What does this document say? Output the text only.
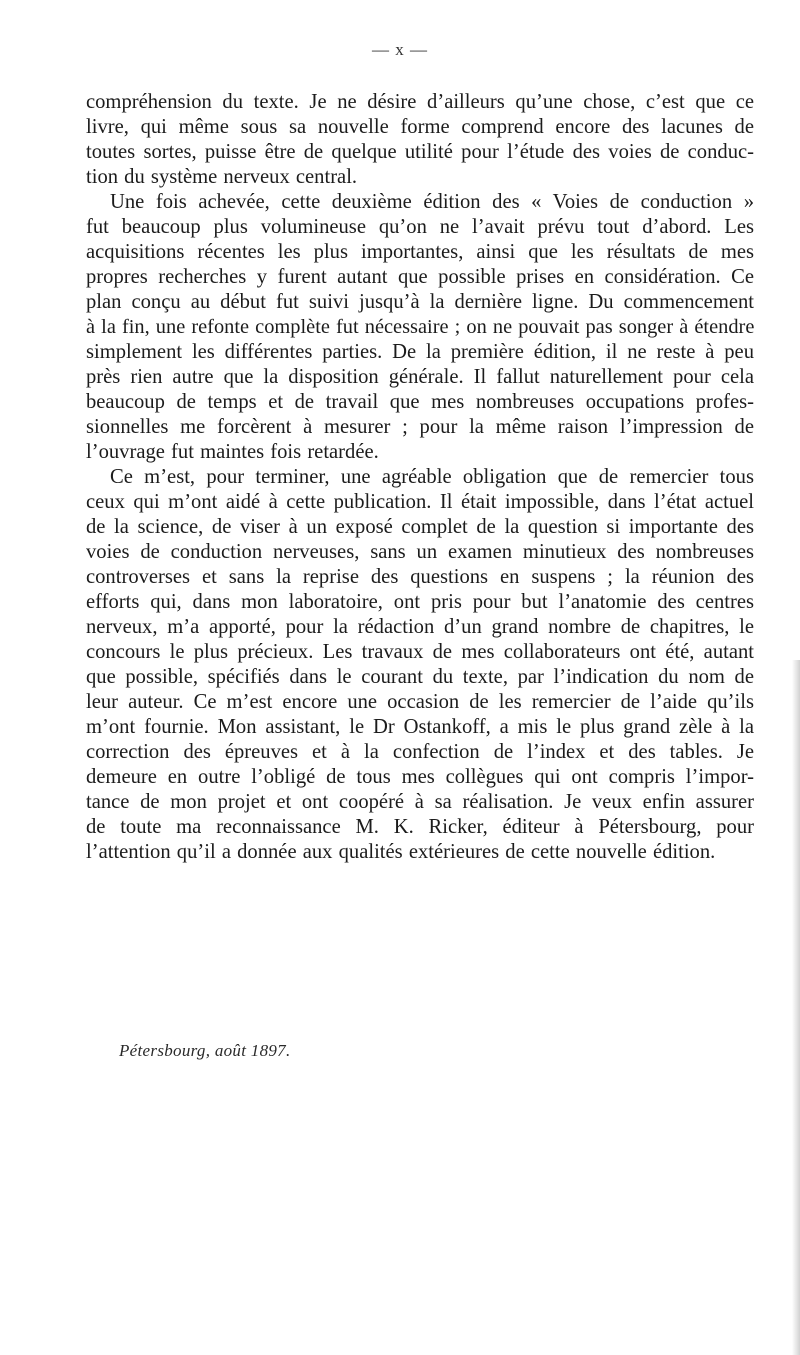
— x —
compréhension du texte. Je ne désire d’ailleurs qu’une chose, c’est que ce
livre, qui même sous sa nouvelle forme comprend encore des lacunes de
toutes sortes, puisse être de quelque utilité pour l’étude des voies de conduc-
tion du système nerveux central.
Une fois achevée, cette deuxième édition des « Voies de conduction »
fut beaucoup plus volumineuse qu’on ne l’avait prévu tout d’abord. Les
acquisitions récentes les plus importantes, ainsi que les résultats de mes
propres recherches y furent autant que possible prises en considération. Ce
plan conçu au début fut suivi jusqu’à la dernière ligne. Du commencement
à la fin, une refonte complète fut nécessaire ; on ne pouvait pas songer à étendre
simplement les différentes parties. De la première édition, il ne reste à peu
près rien autre que la disposition générale. Il fallut naturellement pour cela
beaucoup de temps et de travail que mes nombreuses occupations profes-
sionnelles me forcèrent à mesurer ; pour la même raison l’impression de
l’ouvrage fut maintes fois retardée.
Ce m’est, pour terminer, une agréable obligation que de remercier tous
ceux qui m’ont aidé à cette publication. Il était impossible, dans l’état actuel
de la science, de viser à un exposé complet de la question si importante des
voies de conduction nerveuses, sans un examen minutieux des nombreuses
controverses et sans la reprise des questions en suspens ; la réunion des
efforts qui, dans mon laboratoire, ont pris pour but l’anatomie des centres
nerveux, m’a apporté, pour la rédaction d’un grand nombre de chapitres, le
concours le plus précieux. Les travaux de mes collaborateurs ont été, autant
que possible, spécifiés dans le courant du texte, par l’indication du nom de
leur auteur. Ce m’est encore une occasion de les remercier de l’aide qu’ils
m’ont fournie. Mon assistant, le Dr Ostankoff, a mis le plus grand zèle à la
correction des épreuves et à la confection de l’index et des tables. Je
demeure en outre l’obligé de tous mes collègues qui ont compris l’impor-
tance de mon projet et ont coopéré à sa réalisation. Je veux enfin assurer
de toute ma reconnaissance M. K. Ricker, éditeur à Pétersbourg, pour
l’attention qu’il a donnée aux qualités extérieures de cette nouvelle édition.
Pétersbourg, août 1897.
